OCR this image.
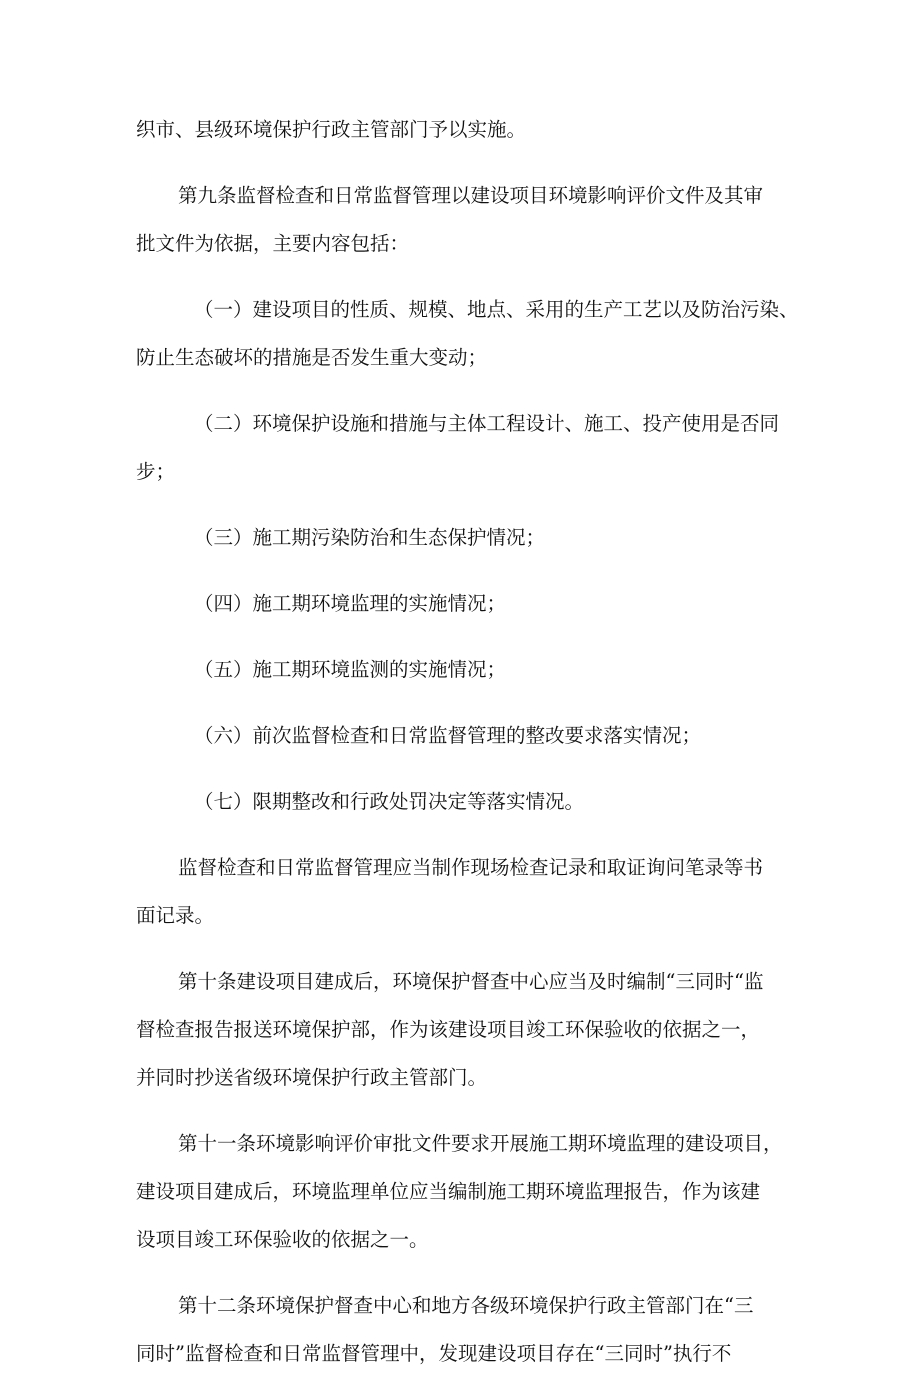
织市、县级环境保护行政主管部门予以实施。
第九条监督检查和日常监督管理以建设项目环境影响评价文件及其审
批文件为依据，主要内容包括：
（一）建设项目的性质、规模、地点、采用的生产工艺以及防治污染、
防止生态破坏的措施是否发生重大变动；
（二）环境保护设施和措施与主体工程设计、施工、投产使用是否同
步；
（三）施工期污染防治和生态保护情况；
（四）施工期环境监理的实施情况；
（五）施工期环境监测的实施情况；
（六）前次监督检查和日常监督管理的整改要求落实情况；
（七）限期整改和行政处罚决定等落实情况。
监督检查和日常监督管理应当制作现场检查记录和取证询问笔录等书
面记录。
第十条建设项目建成后，环境保护督查中心应当及时编制“三同时“监
督检查报告报送环境保护部，作为该建设项目竣工环保验收的依据之一，
并同时抄送省级环境保护行政主管部门。
第十一条环境影响评价审批文件要求开展施工期环境监理的建设项目，
建设项目建成后，环境监理单位应当编制施工期环境监理报告，作为该建
设项目竣工环保验收的依据之一。
第十二条环境保护督查中心和地方各级环境保护行政主管部门在“三
同时”监督检查和日常监督管理中，发现建设项目存在“三同时”执行不
